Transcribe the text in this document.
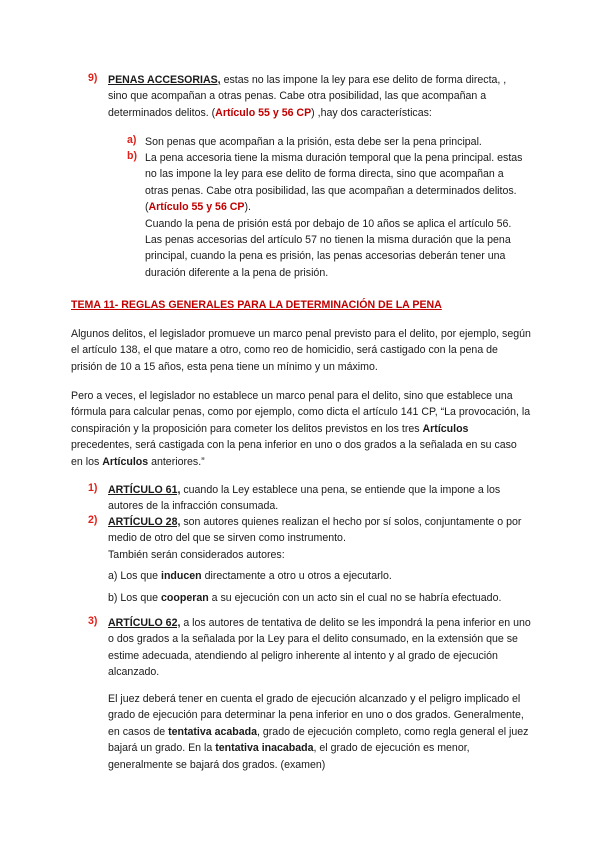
9) PENAS ACCESORIAS, estas no las impone la ley para ese delito de forma directa, , sino que acompañan a otras penas. Cabe otra posibilidad, las que acompañan a determinados delitos. (Artículo 55 y 56 CP) ,hay dos características:
a) Son penas que acompañan a la prisión, esta debe ser la pena principal.
b) La pena accesoria tiene la misma duración temporal que la pena principal. estas no las impone la ley para ese delito de forma directa, sino que acompañan a otras penas. Cabe otra posibilidad, las que acompañan a determinados delitos. (Artículo 55 y 56 CP).

Cuando la pena de prisión está por debajo de 10 años se aplica el artículo 56.

Las penas accesorias del artículo 57 no tienen la misma duración que la pena principal, cuando la pena es prisión, las penas accesorias deberán tener una duración diferente a la pena de prisión.

TEMA 11- REGLAS GENERALES PARA LA DETERMINACIÓN DE LA PENA
Algunos delitos, el legislador promueve un marco penal previsto para el delito, por ejemplo, según el artículo 138, el que matare a otro, como reo de homicidio, será castigado con la pena de prisión de 10 a 15 años, esta pena tiene un mínimo y un máximo.
Pero a veces, el legislador no establece un marco penal para el delito, sino que establece una fórmula para calcular penas, como por ejemplo, como dicta el artículo 141 CP, “La provocación, la conspiración y la proposición para cometer los delitos previstos en los tres Artículos precedentes, será castigada con la pena inferior en uno o dos grados a la señalada en su caso en los Artículos anteriores.”
1) ARTÍCULO 61, cuando la Ley establece una pena, se entiende que la impone a los autores de la infracción consumada.
2) ARTÍCULO 28, son autores quienes realizan el hecho por sí solos, conjuntamente o por medio de otro del que se sirven como instrumento.

También serán considerados autores:

a) Los que inducen directamente a otro u otros a ejecutarlo.
b) Los que cooperan a su ejecución con un acto sin el cual no se habría efectuado.
3) ARTÍCULO 62, a los autores de tentativa de delito se les impondrá la pena inferior en uno o dos grados a la señalada por la Ley para el delito consumado, en la extensión que se estime adecuada, atendiendo al peligro inherente al intento y al grado de ejecución alcanzado.
El juez deberá tener en cuenta el grado de ejecución alcanzado y el peligro implicado el grado de ejecución para determinar la pena inferior en uno o dos grados. Generalmente, en casos de tentativa acabada, grado de ejecución completo, como regla general el juez bajará un grado. En la tentativa inacabada, el grado de ejecución es menor, generalmente se bajará dos grados. (examen)
